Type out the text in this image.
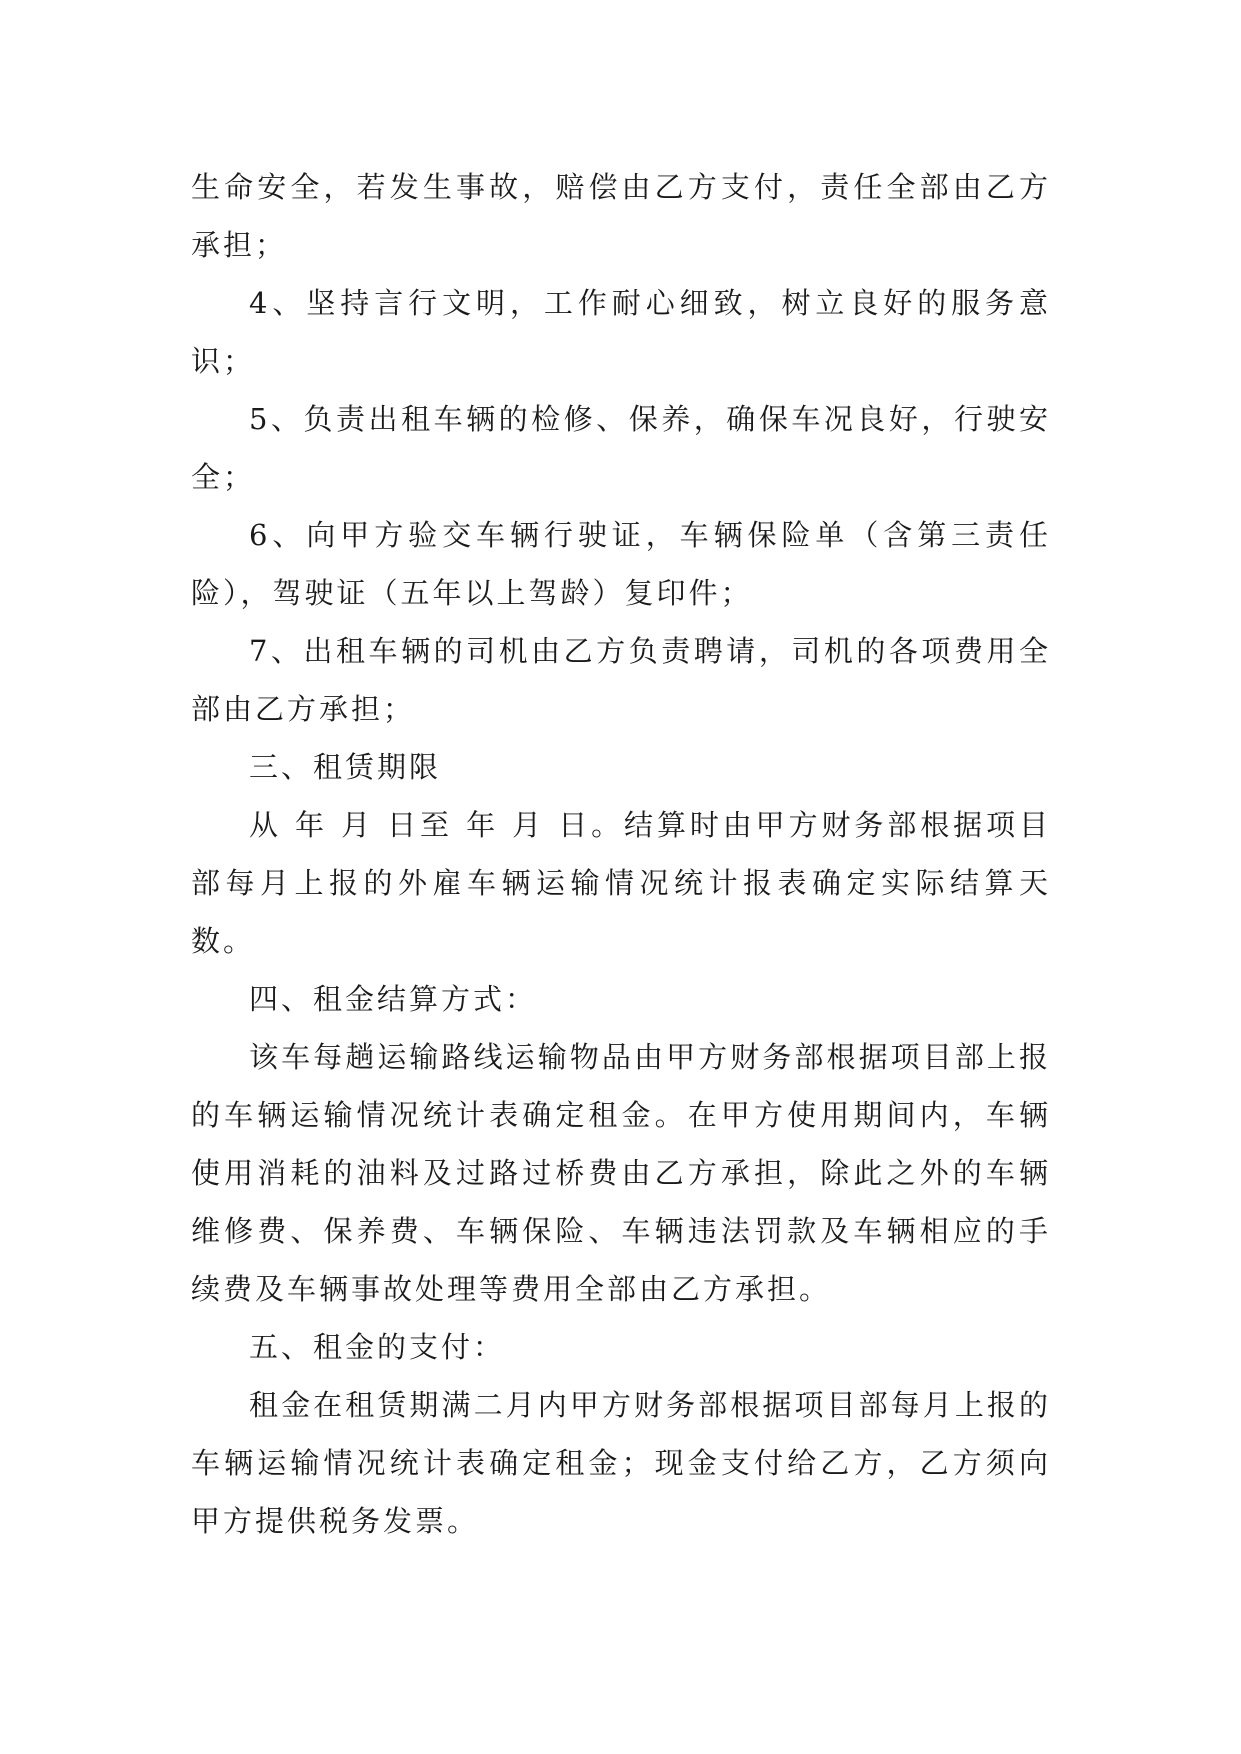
生命安全，若发生事故，赔偿由乙方支付，责任全部由乙方承担；

4、坚持言行文明，工作耐心细致，树立良好的服务意识；

5、负责出租车辆的检修、保养，确保车况良好，行驶安全；

6、向甲方验交车辆行驶证，车辆保险单（含第三责任险），驾驶证（五年以上驾龄）复印件；

7、出租车辆的司机由乙方负责聘请，司机的各项费用全部由乙方承担；

三、租赁期限

从 年 月 日至 年 月 日。结算时由甲方财务部根据项目部每月上报的外雇车辆运输情况统计报表确定实际结算天数。

四、租金结算方式：

该车每趟运输路线运输物品由甲方财务部根据项目部上报的车辆运输情况统计表确定租金。在甲方使用期间内，车辆使用消耗的油料及过路过桥费由乙方承担，除此之外的车辆维修费、保养费、车辆保险、车辆违法罚款及车辆相应的手续费及车辆事故处理等费用全部由乙方承担。

五、租金的支付：

租金在租赁期满二月内甲方财务部根据项目部每月上报的车辆运输情况统计表确定租金；现金支付给乙方，乙方须向甲方提供税务发票。
